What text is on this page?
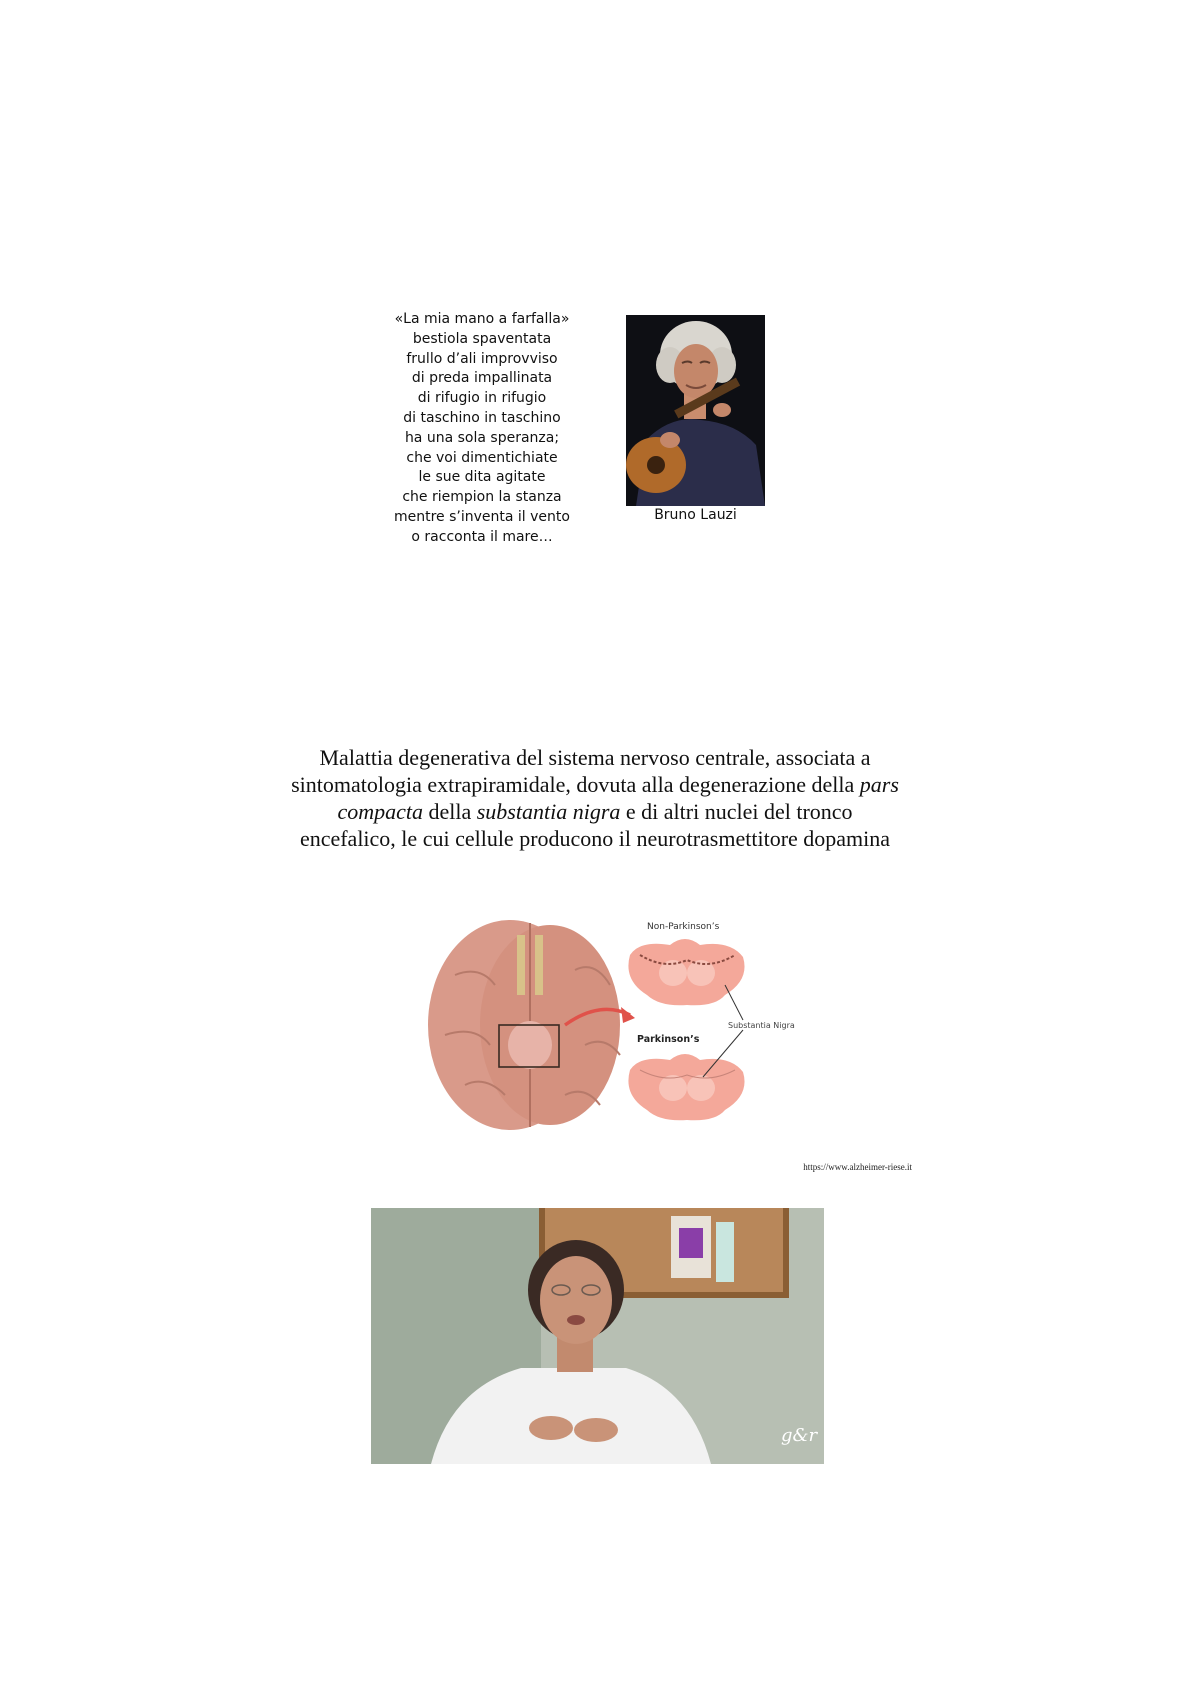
«La mia mano a farfalla»
bestiola spaventata
frullo d’ali improvviso
di preda impallinata
di rifugio in rifugio
di taschino in taschino
ha una sola speranza;
che voi dimentichiate
le sue dita agitate
che riempion la stanza
mentre s’inventa il vento
o racconta il mare…
Bruno Lauzi
Malattia degenerativa del sistema nervoso centrale, associata a sintomatologia extrapiramidale, dovuta alla degenerazione della pars compacta della substantia nigra e di altri nuclei del tronco encefalico, le cui cellule producono il neurotrasmettitore dopamina
Non-Parkinson’s
Parkinson’s
Substantia Nigra
https://www.alzheimer-riese.it
g&r
